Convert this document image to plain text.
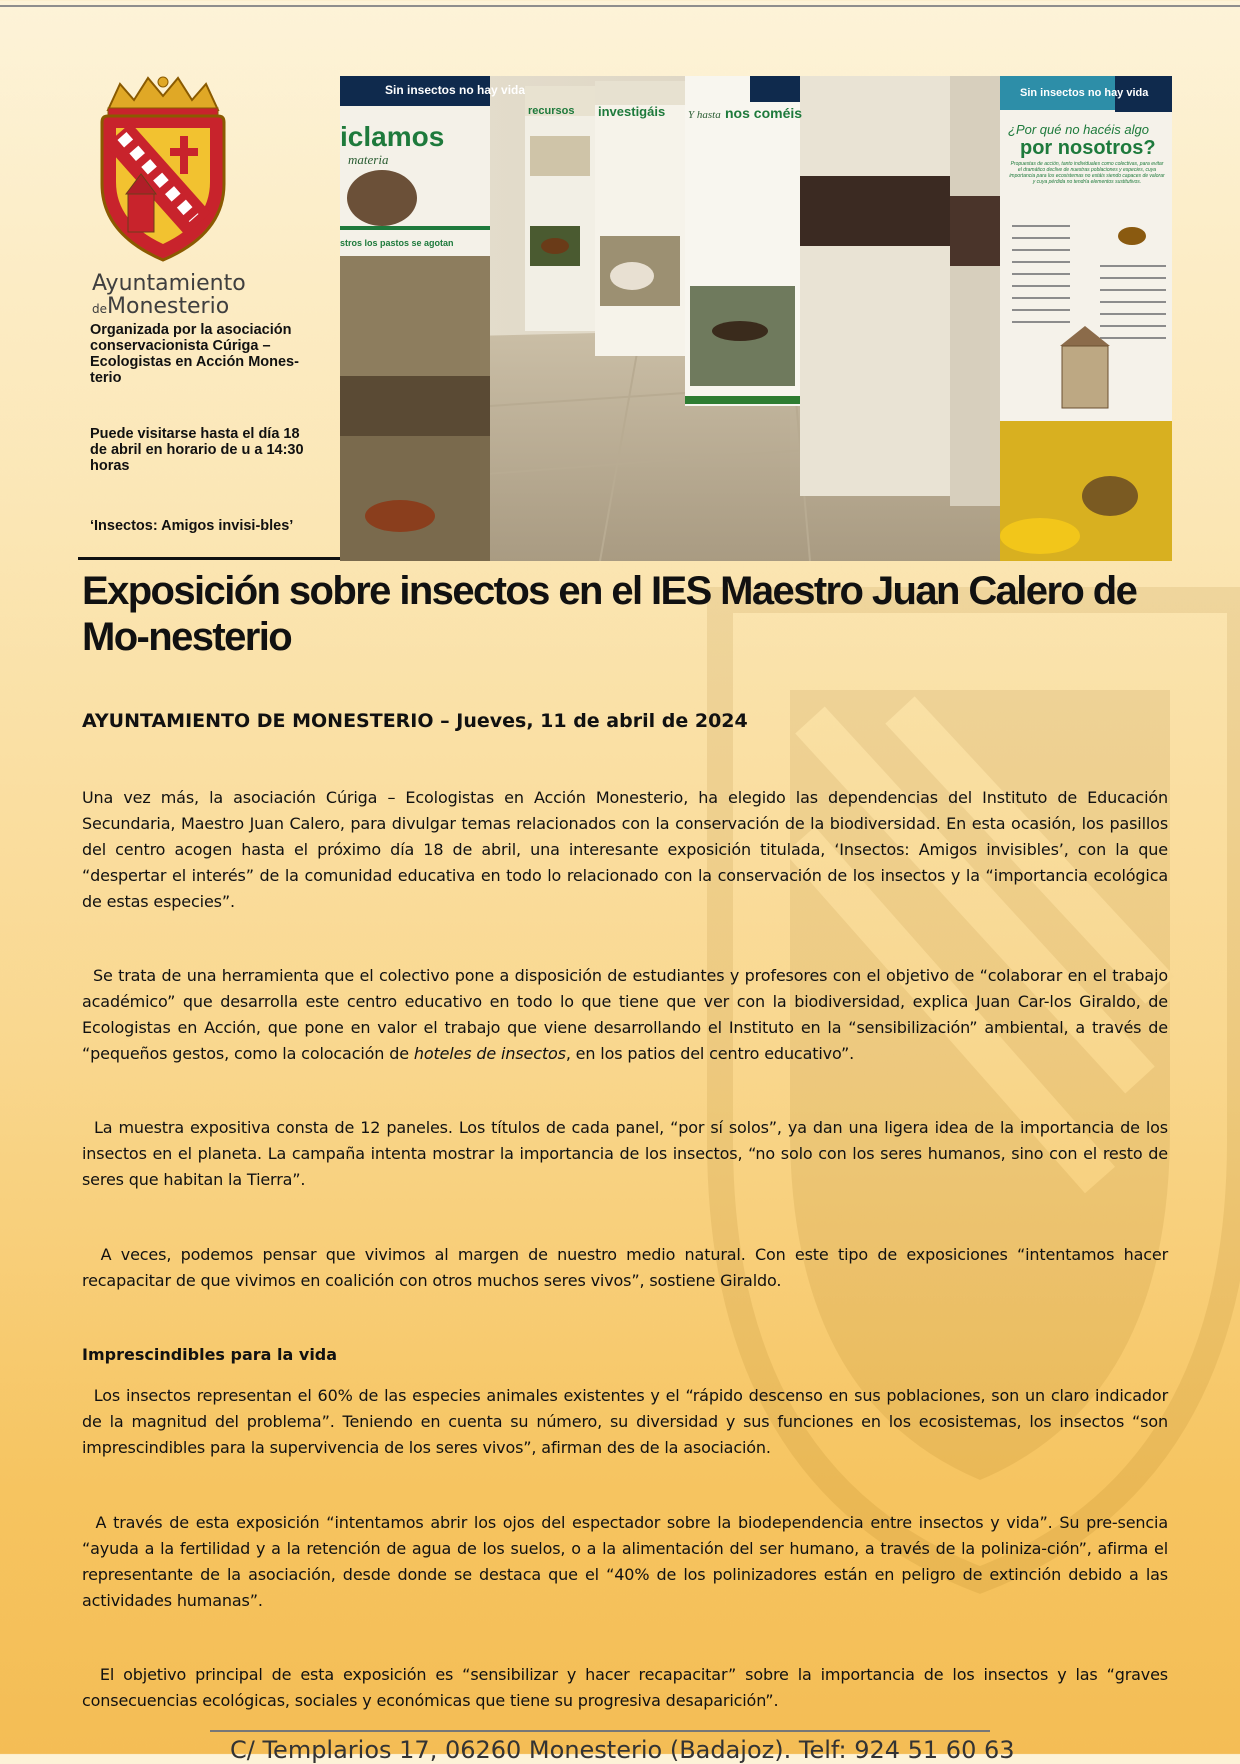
Ayuntamiento
deMonesterio
Organizada por la asociación conservacionista Cúriga – Ecologistas en Acción Mones-terio
Puede visitarse hasta el día 18 de abril en horario de u a 14:30 horas
‘Insectos: Amigos invisi-bles’
Sin insectos no hay vida
iclamos
materia
stros los pastos se agotan
recursos investigáis Y hasta nos coméis
Sin insectos no hay vida
¿Por qué no hacéis algo
por nosotros?
Propuestas de acción, tanto individuales como colectivas, para evitar el dramático declive de nuestras poblaciones y especies, cuya importancia para los ecosistemas no estáis siendo capaces de valorar y cuya pérdida no tendría elementos sustitutivos.
Exposición sobre insectos en el IES Maestro Juan Calero de Mo-nesterio

AYUNTAMIENTO DE MONESTERIO – Jueves, 11 de abril de 2024

Una vez más, la asociación Cúriga – Ecologistas en Acción Monesterio, ha elegido las dependencias del Instituto de Educación Secundaria, Maestro Juan Calero, para divulgar temas relacionados con la conservación de la biodiversidad. En esta ocasión, los pasillos del centro acogen hasta el próximo día 18 de abril, una interesante exposición titulada, ‘Insectos: Amigos invisibles’, con la que “despertar el interés” de la comunidad educativa en todo lo relacionado con la conservación de los insectos y la “importancia ecológica de estas especies”.

Se trata de una herramienta que el colectivo pone a disposición de estudiantes y profesores con el objetivo de “colaborar en el trabajo académico” que desarrolla este centro educativo en todo lo que tiene que ver con la biodiversidad, explica Juan Car-los Giraldo, de Ecologistas en Acción, que pone en valor el trabajo que viene desarrollando el Instituto en la “sensibilización” ambiental, a través de “pequeños gestos, como la colocación de hoteles de insectos, en los patios del centro educativo”.

La muestra expositiva consta de 12 paneles. Los títulos de cada panel, “por sí solos”, ya dan una ligera idea de la importancia de los insectos en el planeta. La campaña intenta mostrar la importancia de los insectos, “no solo con los seres humanos, sino con el resto de seres que habitan la Tierra”.

A veces, podemos pensar que vivimos al margen de nuestro medio natural. Con este tipo de exposiciones “intentamos hacer recapacitar de que vivimos en coalición con otros muchos seres vivos”, sostiene Giraldo.

Imprescindibles para la vida

Los insectos representan el 60% de las especies animales existentes y el “rápido descenso en sus poblaciones, son un claro indicador de la magnitud del problema”. Teniendo en cuenta su número, su diversidad y sus funciones en los ecosistemas, los insectos “son imprescindibles para la supervivencia de los seres vivos”, afirman des de la asociación.

A través de esta exposición “intentamos abrir los ojos del espectador sobre la biodependencia entre insectos y vida”. Su pre-sencia “ayuda a la fertilidad y a la retención de agua de los suelos, o a la alimentación del ser humano, a través de la poliniza-ción”, afirma el representante de la asociación, desde donde se destaca que el “40% de los polinizadores están en peligro de extinción debido a las actividades humanas”.

El objetivo principal de esta exposición es “sensibilizar y hacer recapacitar” sobre la importancia de los insectos y las “graves consecuencias ecológicas, sociales y económicas que tiene su progresiva desaparición”.

C/ Templarios 17, 06260 Monesterio (Badajoz). Telf: 924 51 60 63
